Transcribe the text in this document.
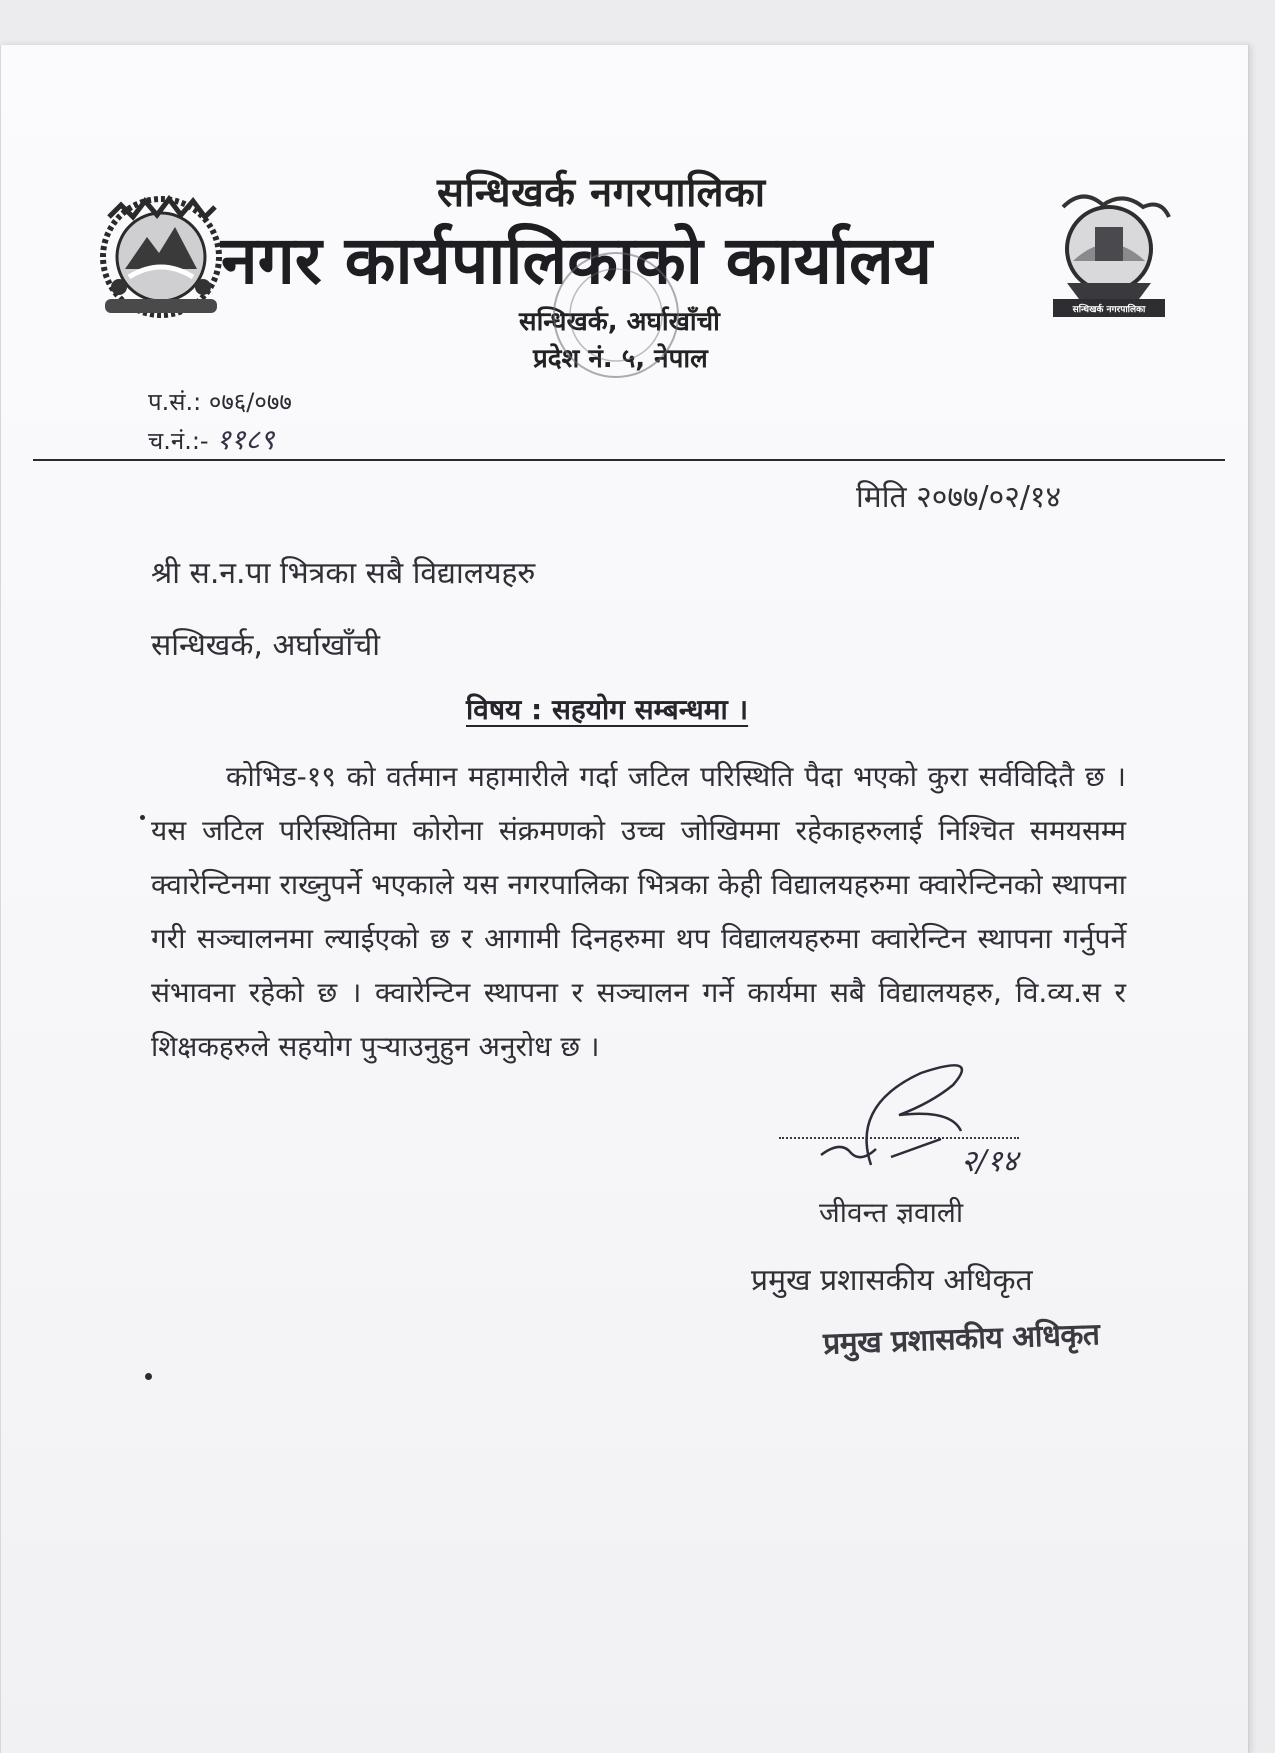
सन्धिखर्क नगरपालिका
नगर कार्यपालिकाको कार्यालय
सन्धिखर्क, अर्घाखाँची
प्रदेश नं. ५, नेपाल
सन्धिखर्क नगरपालिका
प.सं.: ०७६/०७७
च.नं.:- ११८९
मिति २०७७/०२/१४
श्री स.न.पा भित्रका सबै विद्यालयहरु
सन्धिखर्क, अर्घाखाँची
विषय : सहयोग सम्बन्धमा ।
कोभिड-१९ को वर्तमान महामारीले गर्दा जटिल परिस्थिति पैदा भएको कुरा सर्वविदितै छ । यस जटिल परिस्थितिमा कोरोना संक्रमणको उच्च जोखिममा रहेकाहरुलाई निश्चित समयसम्म क्वारेन्टिनमा राख्नुपर्ने भएकाले यस नगरपालिका भित्रका केही विद्यालयहरुमा क्वारेन्टिनको स्थापना गरी सञ्चालनमा ल्याईएको छ र आगामी दिनहरुमा थप विद्यालयहरुमा क्वारेन्टिन स्थापना गर्नुपर्ने संभावना रहेको छ । क्वारेन्टिन स्थापना र सञ्चालन गर्ने कार्यमा सबै विद्यालयहरु, वि.व्य.स र शिक्षकहरुले सहयोग पुऱ्याउनुहुन अनुरोध छ ।
२/१४
जीवन्त ज्ञवाली
प्रमुख प्रशासकीय अधिकृत
प्रमुख प्रशासकीय अधिकृत
